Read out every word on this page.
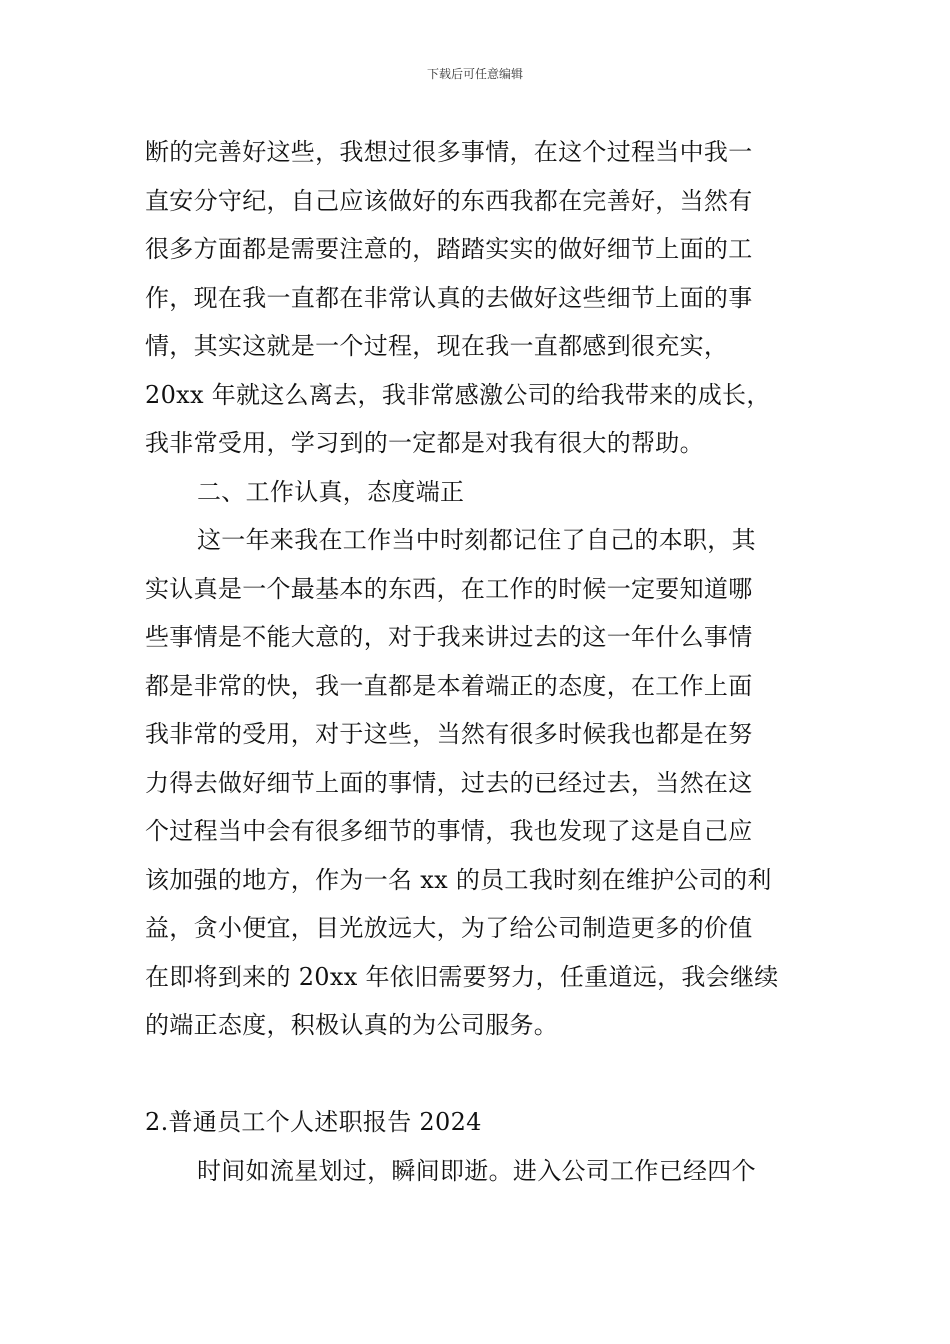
下载后可任意编辑
断的完善好这些，我想过很多事情，在这个过程当中我一
直安分守纪，自己应该做好的东西我都在完善好，当然有
很多方面都是需要注意的，踏踏实实的做好细节上面的工
作，现在我一直都在非常认真的去做好这些细节上面的事
情，其实这就是一个过程，现在我一直都感到很充实，
20xx 年就这么离去，我非常感激公司的给我带来的成长，
我非常受用，学习到的一定都是对我有很大的帮助。
二、工作认真，态度端正
这一年来我在工作当中时刻都记住了自己的本职，其
实认真是一个最基本的东西，在工作的时候一定要知道哪
些事情是不能大意的，对于我来讲过去的这一年什么事情
都是非常的快，我一直都是本着端正的态度，在工作上面
我非常的受用，对于这些，当然有很多时候我也都是在努
力得去做好细节上面的事情，过去的已经过去，当然在这
个过程当中会有很多细节的事情，我也发现了这是自己应
该加强的地方，作为一名 xx 的员工我时刻在维护公司的利
益，贪小便宜，目光放远大，为了给公司制造更多的价值
在即将到来的 20xx 年依旧需要努力，任重道远，我会继续
的端正态度，积极认真的为公司服务。
2.普通员工个人述职报告 2024
时间如流星划过，瞬间即逝。进入公司工作已经四个
